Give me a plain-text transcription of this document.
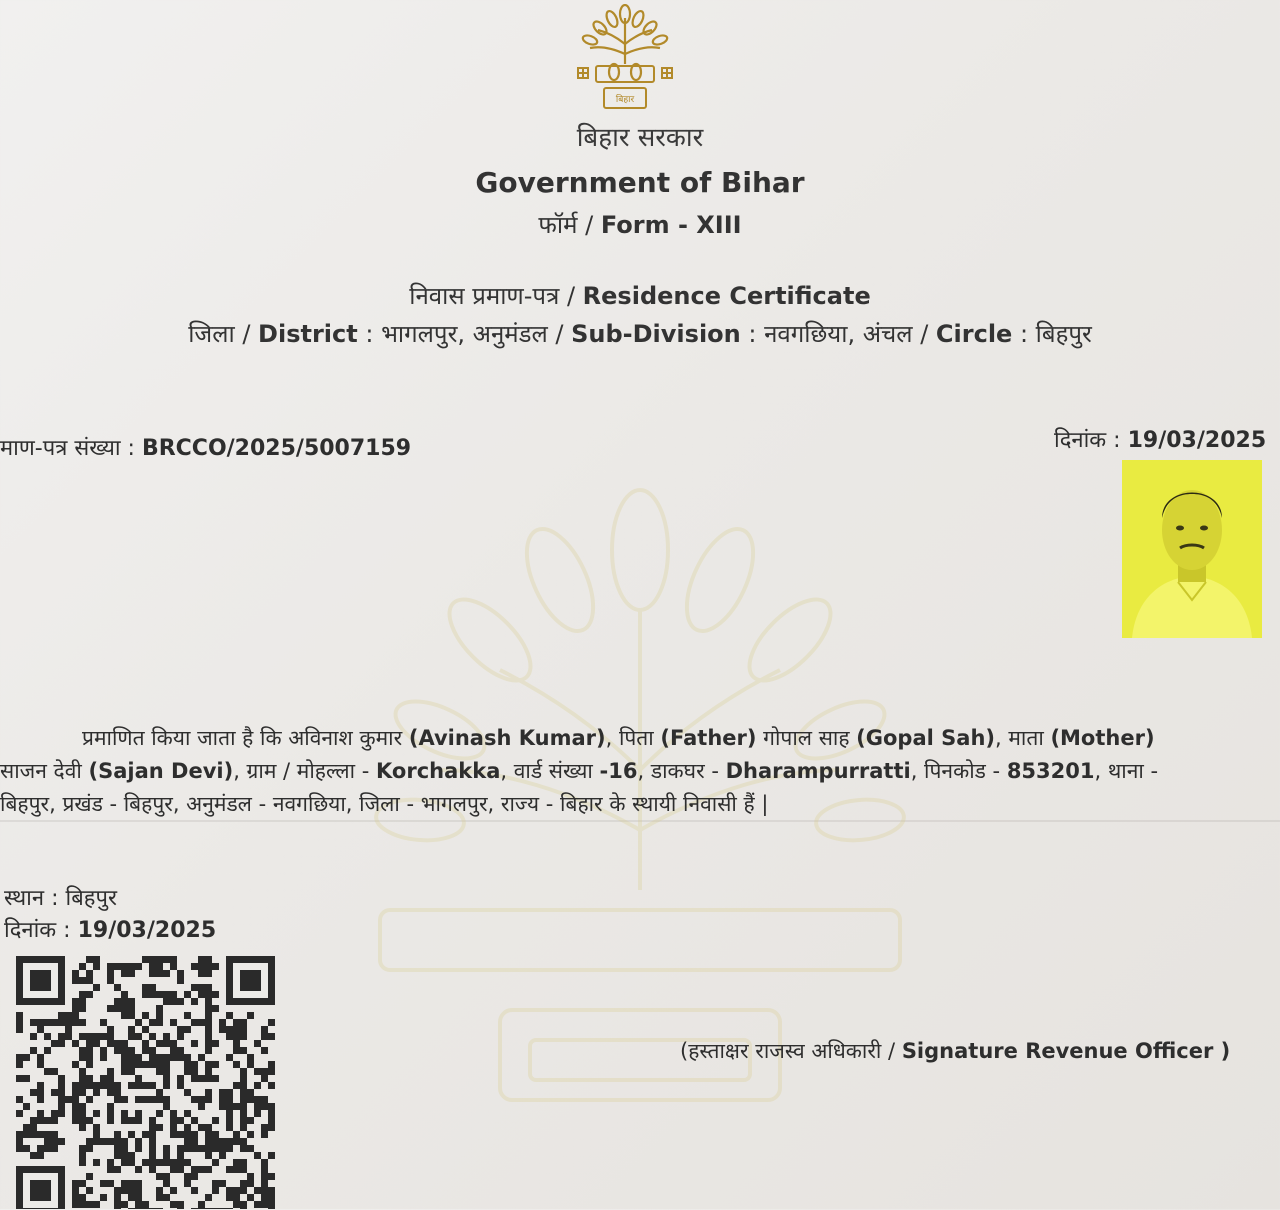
बिहार
बिहार सरकार
Government of Bihar
फॉर्म / Form - XIII
निवास प्रमाण-पत्र / Residence Certificate
जिला / District : भागलपुर, अनुमंडल / Sub-Division : नवगछिया, अंचल / Circle : बिहपुर
माण-पत्र संख्या : BRCCO/2025/5007159	दिनांक : 19/03/2025
प्रमाणित किया जाता है कि अविनाश कुमार (Avinash Kumar), पिता (Father) गोपाल साह (Gopal Sah), माता (Mother)
साजन देवी (Sajan Devi), ग्राम / मोहल्ला - Korchakka, वार्ड संख्या -16, डाकघर - Dharampurratti, पिनकोड - 853201, थाना -
बिहपुर, प्रखंड - बिहपुर, अनुमंडल - नवगछिया, जिला - भागलपुर, राज्य - बिहार के स्थायी निवासी हैं |
स्थान : बिहपुर
दिनांक : 19/03/2025
(हस्ताक्षर राजस्व अधिकारी / Signature Revenue Officer )
